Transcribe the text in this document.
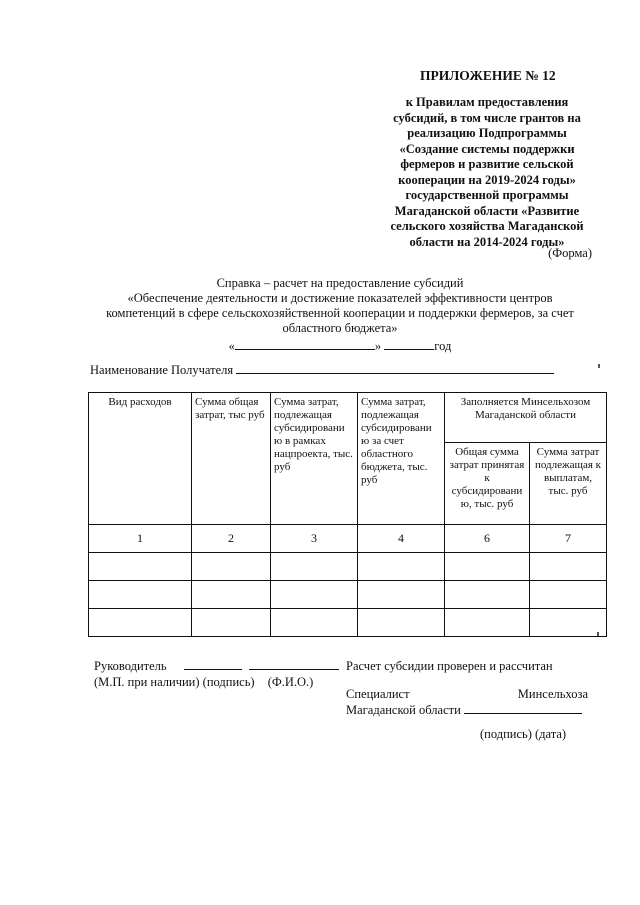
ПРИЛОЖЕНИЕ № 12
к Правилам предоставления
субсидий, в том числе грантов на
реализацию Подпрограммы
«Создание системы поддержки
фермеров и развитие сельской
кооперации на 2019-2024 годы»
государственной программы
Магаданской области «Развитие
сельского хозяйства Магаданской
области на 2014-2024 годы»
(Форма)
Справка – расчет на предоставление субсидий
«Обеспечение деятельности и достижение показателей эффективности центров
компетенций в сфере сельскохозяйственной кооперации и поддержки фермеров, за счет
областного бюджета»
«	»	год
Наименование Получателя
Вид расходов	Сумма общая затрат, тыс руб	Сумма затрат, подлежащая субсидировани ю в рамках нацпроекта, тыс. руб	Сумма затрат, подлежащая субсидировани ю за счет областного бюджета, тыс. руб	Заполняется Минсельхозом Магаданской области	
				Общая сумма затрат принятая к субсидировани ю, тыс. руб	Сумма затрат подлежащая к выплатам, тыс. руб
1	2	3	4	6	7

Руководитель
(М.П. при наличии) (подпись) (Ф.И.О.)
Расчет субсидии проверен и рассчитан
Специалист	Минсельхоза
Магаданской области
(подпись) (дата)
